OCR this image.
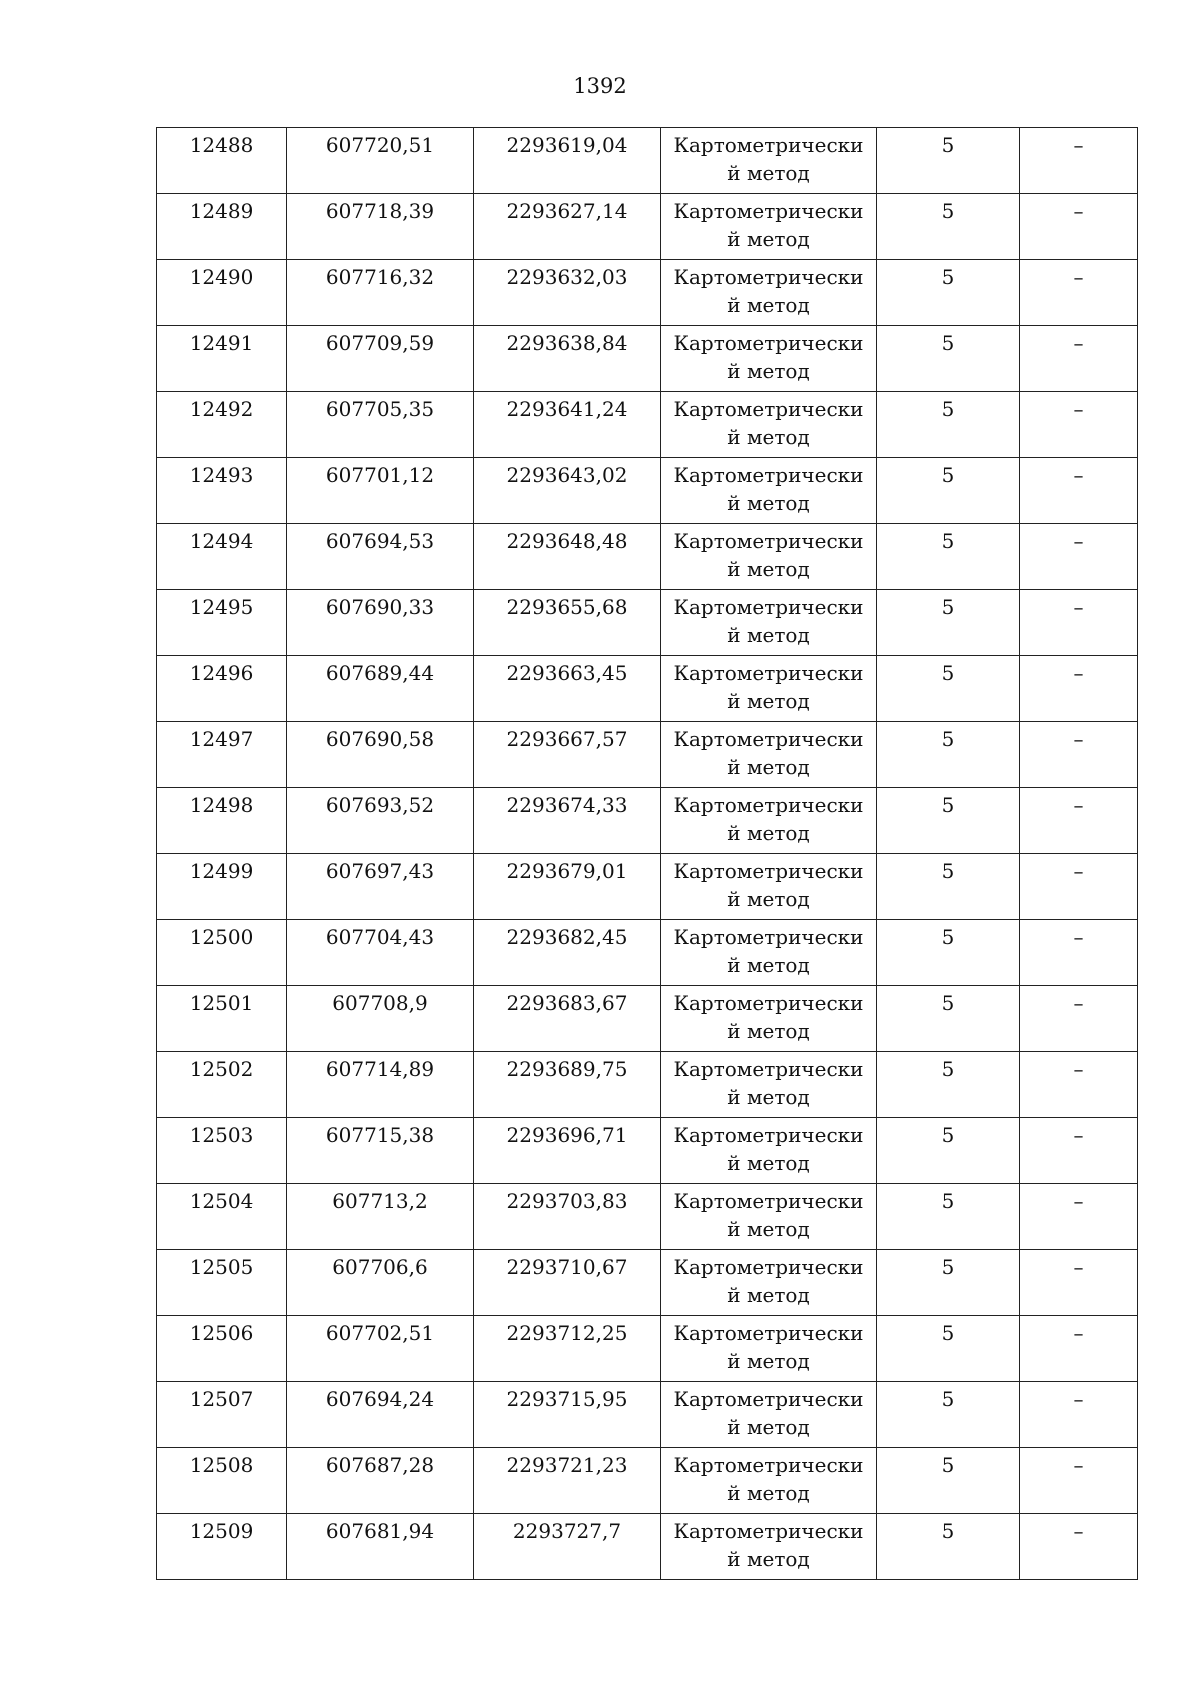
1392
12488	607720,51	2293619,04	Картометрически й метод	5	–
12489	607718,39	2293627,14	Картометрически й метод	5	–
12490	607716,32	2293632,03	Картометрически й метод	5	–
12491	607709,59	2293638,84	Картометрически й метод	5	–
12492	607705,35	2293641,24	Картометрически й метод	5	–
12493	607701,12	2293643,02	Картометрически й метод	5	–
12494	607694,53	2293648,48	Картометрически й метод	5	–
12495	607690,33	2293655,68	Картометрически й метод	5	–
12496	607689,44	2293663,45	Картометрически й метод	5	–
12497	607690,58	2293667,57	Картометрически й метод	5	–
12498	607693,52	2293674,33	Картометрически й метод	5	–
12499	607697,43	2293679,01	Картометрически й метод	5	–
12500	607704,43	2293682,45	Картометрически й метод	5	–
12501	607708,9	2293683,67	Картометрически й метод	5	–
12502	607714,89	2293689,75	Картометрически й метод	5	–
12503	607715,38	2293696,71	Картометрически й метод	5	–
12504	607713,2	2293703,83	Картометрически й метод	5	–
12505	607706,6	2293710,67	Картометрически й метод	5	–
12506	607702,51	2293712,25	Картометрически й метод	5	–
12507	607694,24	2293715,95	Картометрически й метод	5	–
12508	607687,28	2293721,23	Картометрически й метод	5	–
12509	607681,94	2293727,7	Картометрически й метод	5	–
